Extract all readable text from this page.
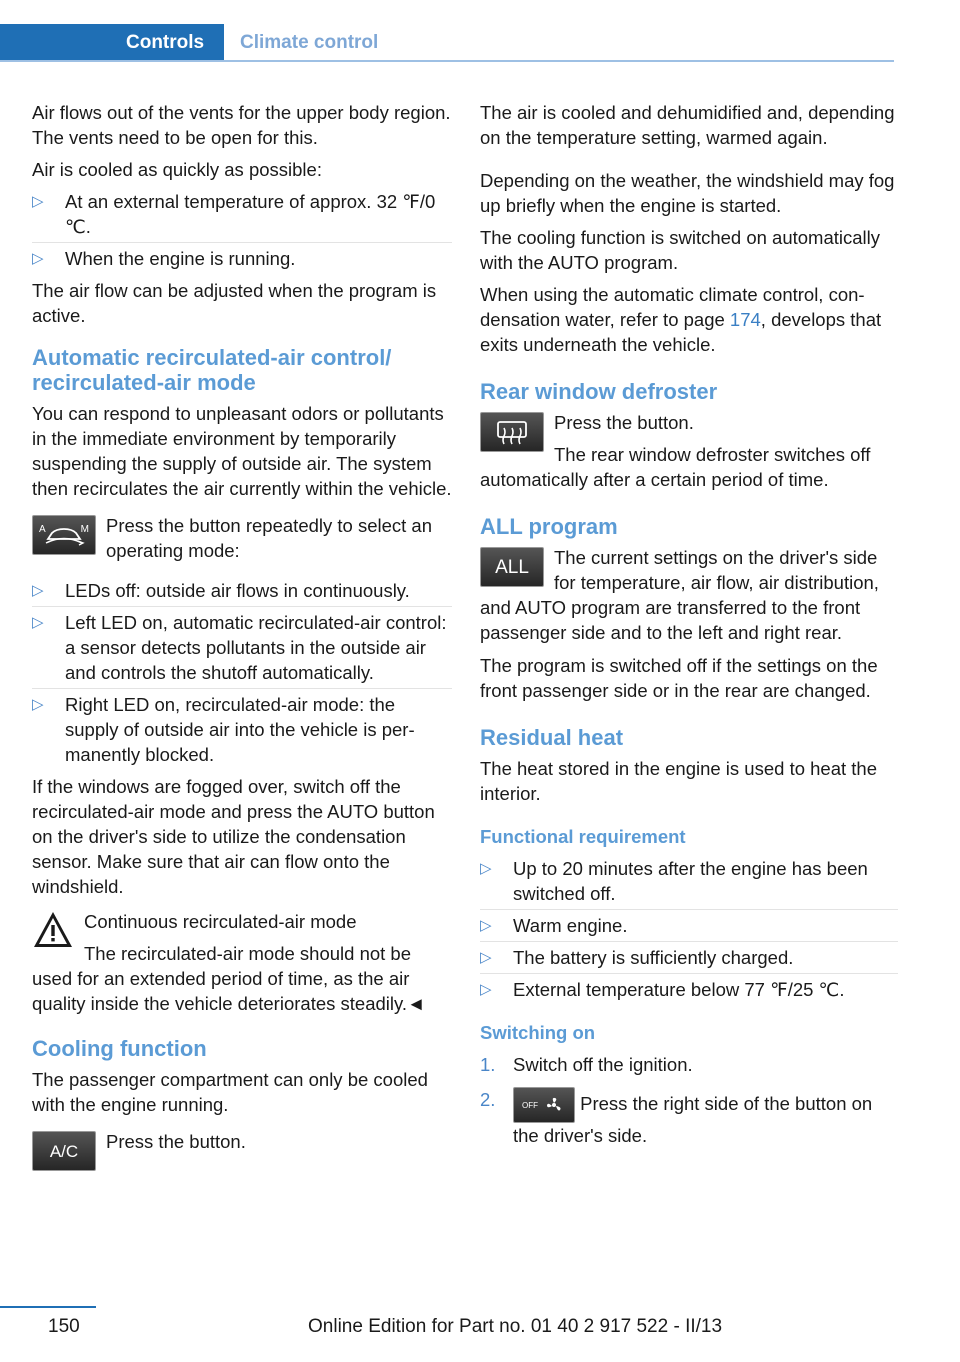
Controls	Climate control

Air flows out of the vents for the upper body region. The vents need to be open for this.

Air is cooled as quickly as possible:

▷ At an external temperature of approx. 32 ℉/0 ℃.
▷ When the engine is running.

The air flow can be adjusted when the program is active.

Automatic recirculated-air control/ recirculated-air mode

You can respond to unpleasant odors or pollutants in the immediate environment by temporarily suspending the supply of outside air. The system then recirculates the air currently within the vehicle.

A	M Press the button repeatedly to select an operating mode:

▷ LEDs off: outside air flows in continuously.
▷ Left LED on, automatic recirculated-air control: a sensor detects pollutants in the outside air and controls the shutoff automatically.
▷ Right LED on, recirculated-air mode: the supply of outside air into the vehicle is permanently blocked.

If the windows are fogged over, switch off the recirculated-air mode and press the AUTO button on the driver's side to utilize the condensation sensor. Make sure that air can flow onto the windshield.

Continuous recirculated-air mode

The recirculated-air mode should not be used for an extended period of time, as the air quality inside the vehicle deteriorates steadily.◄

Cooling function

The passenger compartment can only be cooled with the engine running.

A/C	Press the button.

The air is cooled and dehumidified and, depending on the temperature setting, warmed again.

Depending on the weather, the windshield may fog up briefly when the engine is started.

The cooling function is switched on automatically with the AUTO program.

When using the automatic climate control, condensation water, refer to page 174, develops that exits underneath the vehicle.

Rear window defroster

Press the button.

The rear window defroster switches off automatically after a certain period of time.

ALL program
ALL	The current settings on the driver's side for temperature, air flow, air distribution, and AUTO program are transferred to the front passenger side and to the left and right rear.

The program is switched off if the settings on the front passenger side or in the rear are changed.

Residual heat

The heat stored in the engine is used to heat the interior.

Functional requirement
▷ Up to 20 minutes after the engine has been switched off.
▷ Warm engine.
▷ The battery is sufficiently charged.
▷ External temperature below 77 ℉/25 ℃.
Switching on
1. Switch off the ignition.
2.	OFF Press the right side of the button on the driver's side.
150	Online Edition for Part no. 01 40 2 917 522 - II/13
